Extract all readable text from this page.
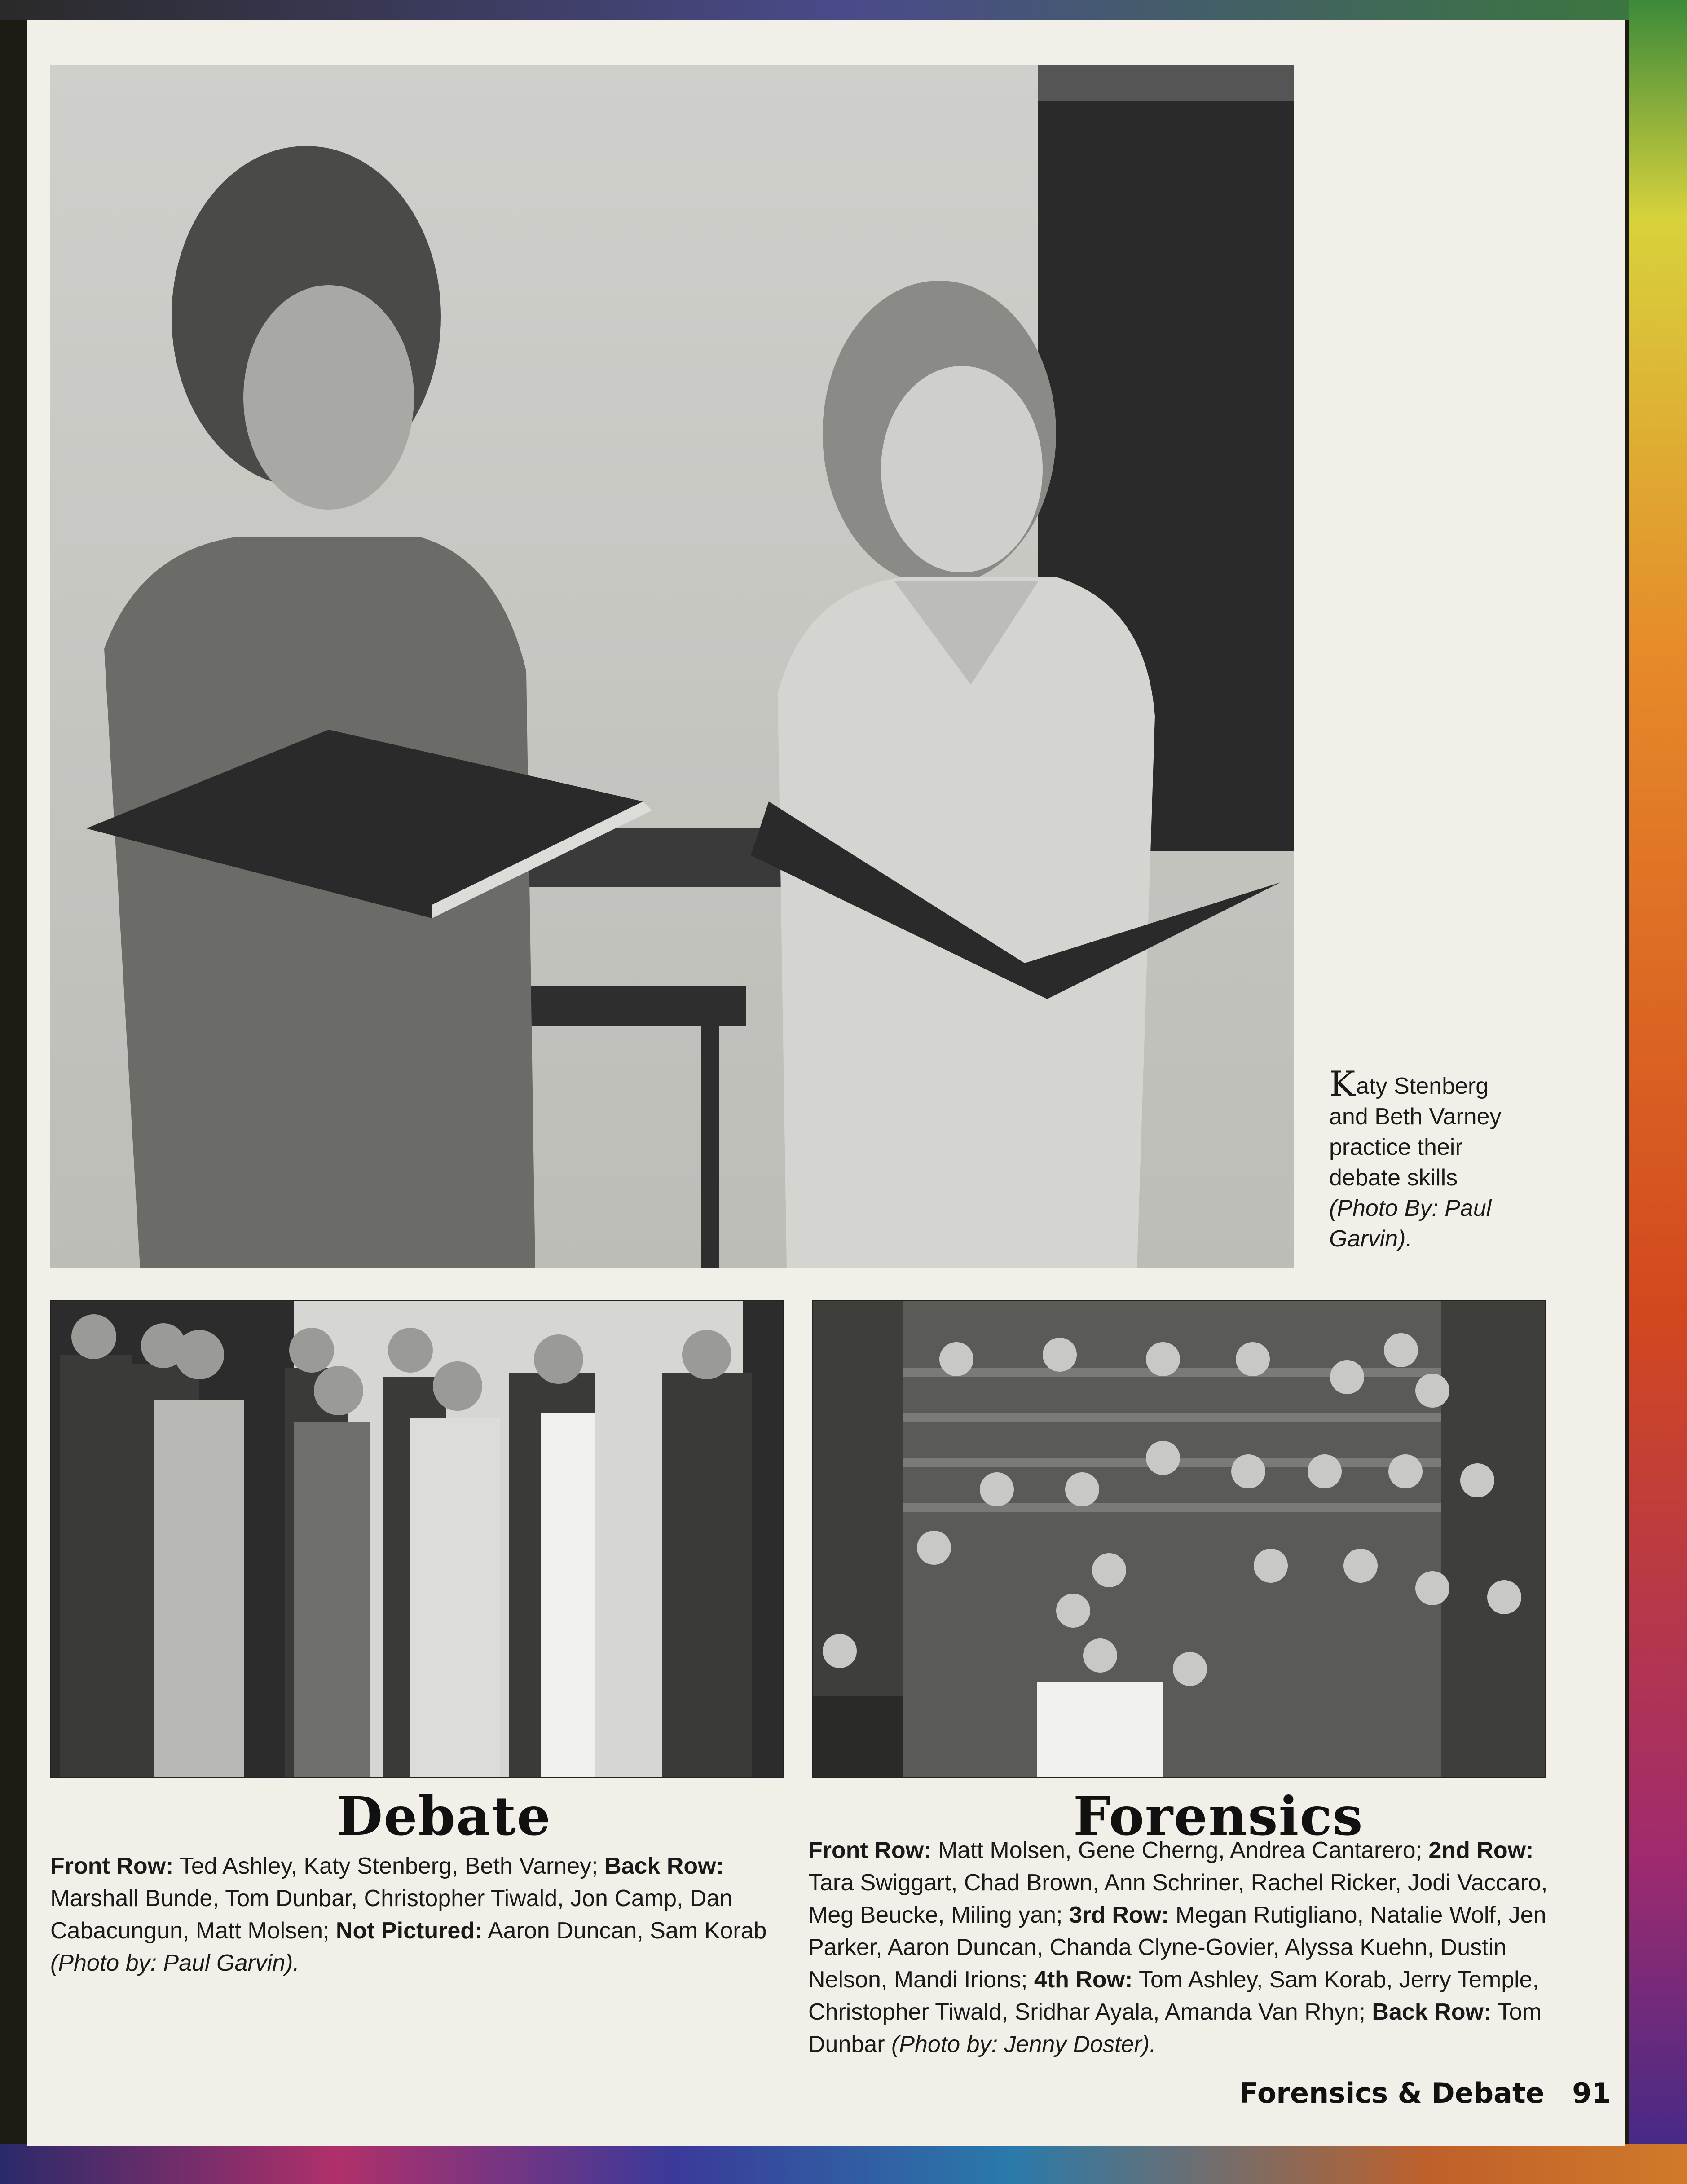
Katy Stenberg and Beth Varney practice their debate skills (Photo By: Paul Garvin).
Debate	Forensics
Front Row: Ted Ashley, Katy Stenberg, Beth Varney; Back Row: Marshall Bunde, Tom Dunbar, Christopher Tiwald, Jon Camp, Dan Cabacungun, Matt Molsen; Not Pictured: Aaron Duncan, Sam Korab (Photo by: Paul Garvin).
Front Row: Matt Molsen, Gene Cherng, Andrea Cantarero; 2nd Row: Tara Swiggart, Chad Brown, Ann Schriner, Rachel Ricker, Jodi Vaccaro, Meg Beucke, Miling yan; 3rd Row: Megan Rutigliano, Natalie Wolf, Jen Parker, Aaron Duncan, Chanda Clyne-Govier, Alyssa Kuehn, Dustin Nelson, Mandi Irions; 4th Row: Tom Ashley, Sam Korab, Jerry Temple, Christopher Tiwald, Sridhar Ayala, Amanda Van Rhyn; Back Row: Tom Dunbar (Photo by: Jenny Doster).
Forensics & Debate 91
